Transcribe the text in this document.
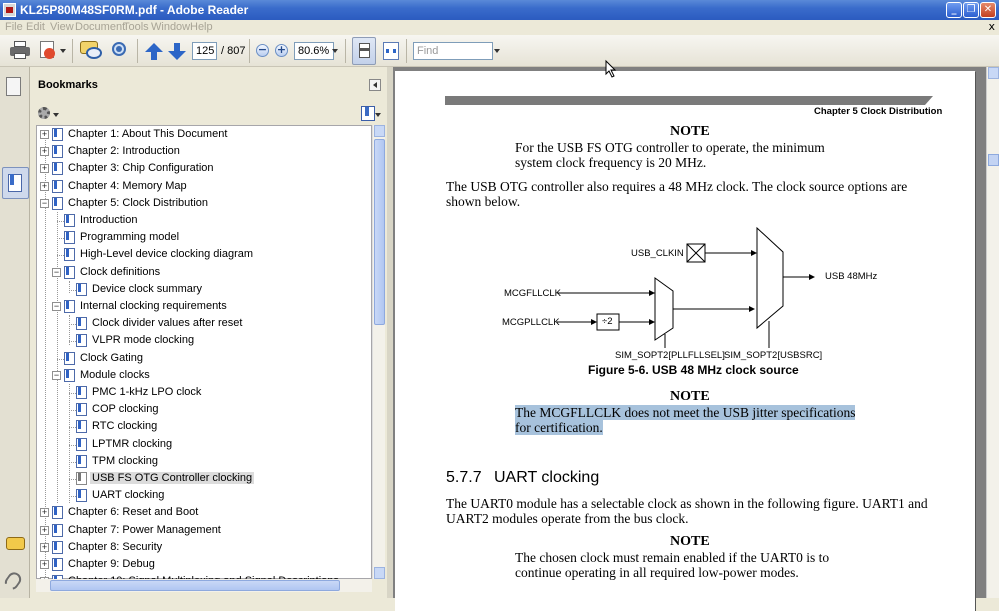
KL25P80M48SF0RM.pdf - Adobe Reader	_	❐ ✕
File Edit View Document
Tools Window Help	x
125 / 807 − +	80.6%	Find
Bookmarks
+ Chapter 1: About This Document
+ Chapter 2: Introduction
+ Chapter 3: Chip Configuration
+ Chapter 4: Memory Map
− Chapter 5: Clock Distribution
Introduction
Programming model
High-Level device clocking diagram
− Clock definitions
Device clock summary
− Internal clocking requirements
Clock divider values after reset
VLPR mode clocking
Clock Gating
− Module clocks
PMC 1-kHz LPO clock
COP clocking
RTC clocking
LPTMR clocking
TPM clocking
USB FS OTG Controller clocking
UART clocking
+ Chapter 6: Reset and Boot
+ Chapter 7: Power Management
+ Chapter 8: Security
+ Chapter 9: Debug
Chapter 5 Clock Distribution
NOTE
For the USB FS OTG controller to operate, the minimum
system clock frequency is 20 MHz.
The USB OTG controller also requires a 48 MHz clock. The clock source options are
shown below.
USB_CLKIN
MCGFLLCLK
MCGPLLCLK	÷2
USB 48MHz
SIM_SOPT2[PLLFLLSEL] SIM_SOPT2[USBSRC]
Figure 5-6. USB 48 MHz clock source
NOTE
The MCGFLLCLK does not meet the USB jitter specifications
for certification.
5.7.7 UART clocking
The UART0 module has a selectable clock as shown in the following figure. UART1 and
UART2 modules operate from the bus clock.
NOTE
The chosen clock must remain enabled if the UART0 is to
continue operating in all required low-power modes.
